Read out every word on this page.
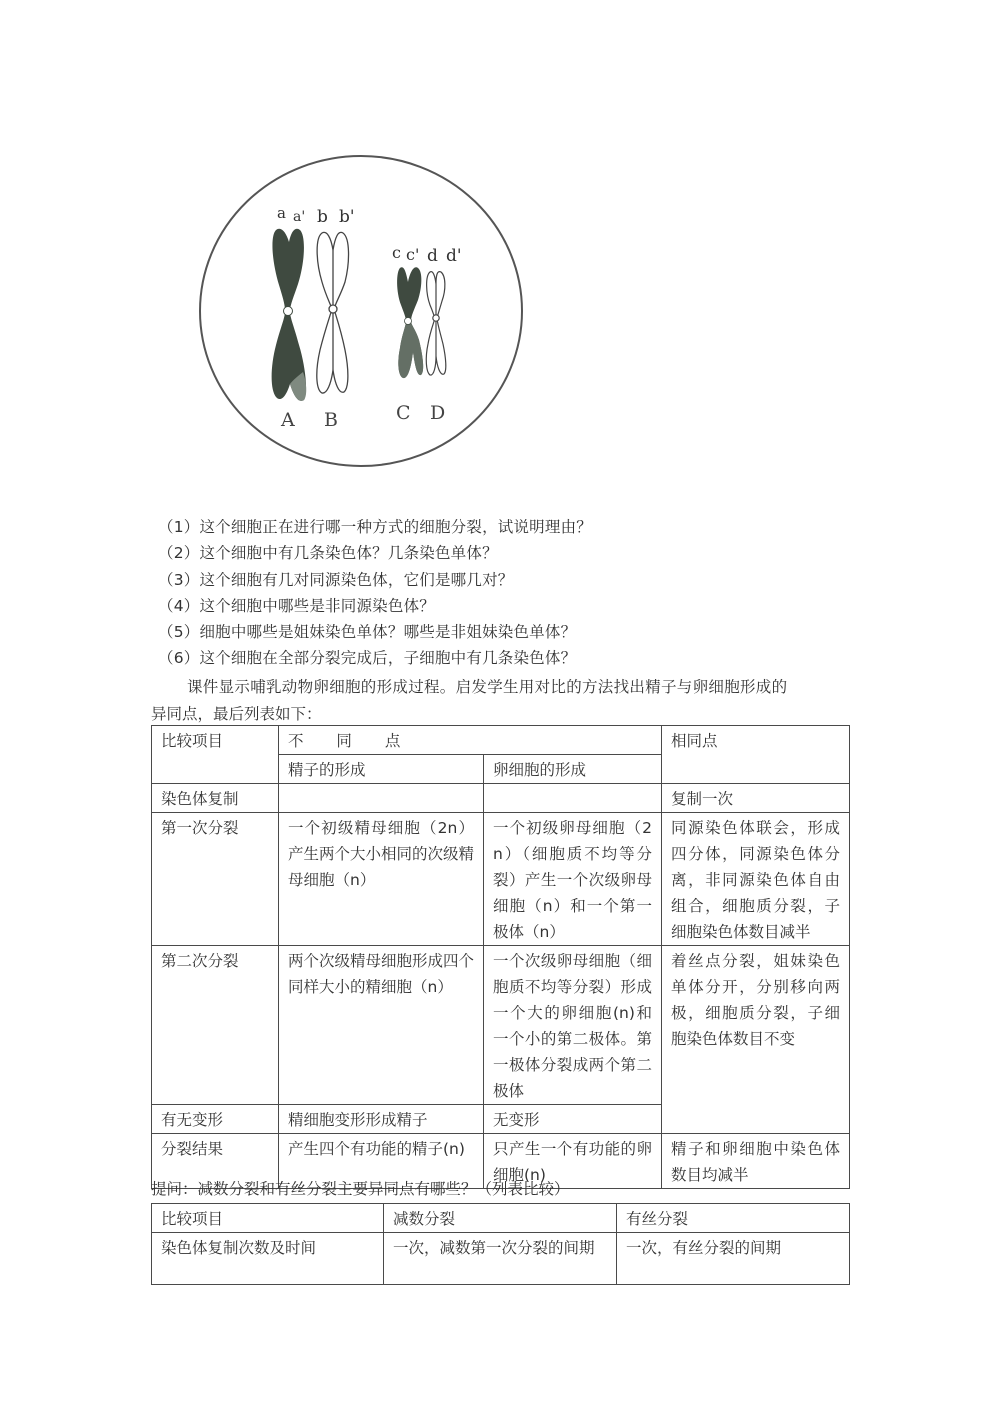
a a' b b'
c c' d d'
A B	C D
（1）这个细胞正在进行哪一种方式的细胞分裂，试说明理由？
（2）这个细胞中有几条染色体？几条染色单体？
（3）这个细胞有几对同源染色体，它们是哪几对？
（4）这个细胞中哪些是非同源染色体？
（5）细胞中哪些是姐妹染色单体？哪些是非姐妹染色单体？
（6）这个细胞在全部分裂完成后，子细胞中有几条染色体？
课件显示哺乳动物卵细胞的形成过程。启发学生用对比的方法找出精子与卵细胞形成的
异同点，最后列表如下：
比较项目	不 同 点		相同点
	精子的形成	卵细胞的形成	
染色体复制			复制一次
第一次分裂	一个初级精母细胞（2n）产生两个大小相同的次级精母细胞（n）	一个初级卵母细胞（2n）（细胞质不均等分裂）产生一个次级卵母细胞（n）和一个第一极体（n）	同源染色体联会，形成四分体，同源染色体分离，非同源染色体自由组合，细胞质分裂，子细胞染色体数目减半
第二次分裂	两个次级精母细胞形成四个同样大小的精细胞（n）	一个次级卵母细胞（细胞质不均等分裂）形成一个大的卵细胞(n)和一个小的第二极体。第一极体分裂成两个第二极体	着丝点分裂，姐妹染色单体分开，分别移向两极，细胞质分裂，子细胞染色体数目不变
有无变形	精细胞变形形成精子	无变形	
分裂结果	产生四个有功能的精子(n)	只产生一个有功能的卵细胞(n)	精子和卵细胞中染色体数目均减半
提问：减数分裂和有丝分裂主要异同点有哪些？（列表比较）
比较项目	减数分裂	有丝分裂
染色体复制次数及时间	一次，减数第一次分裂的间期	一次，有丝分裂的间期
